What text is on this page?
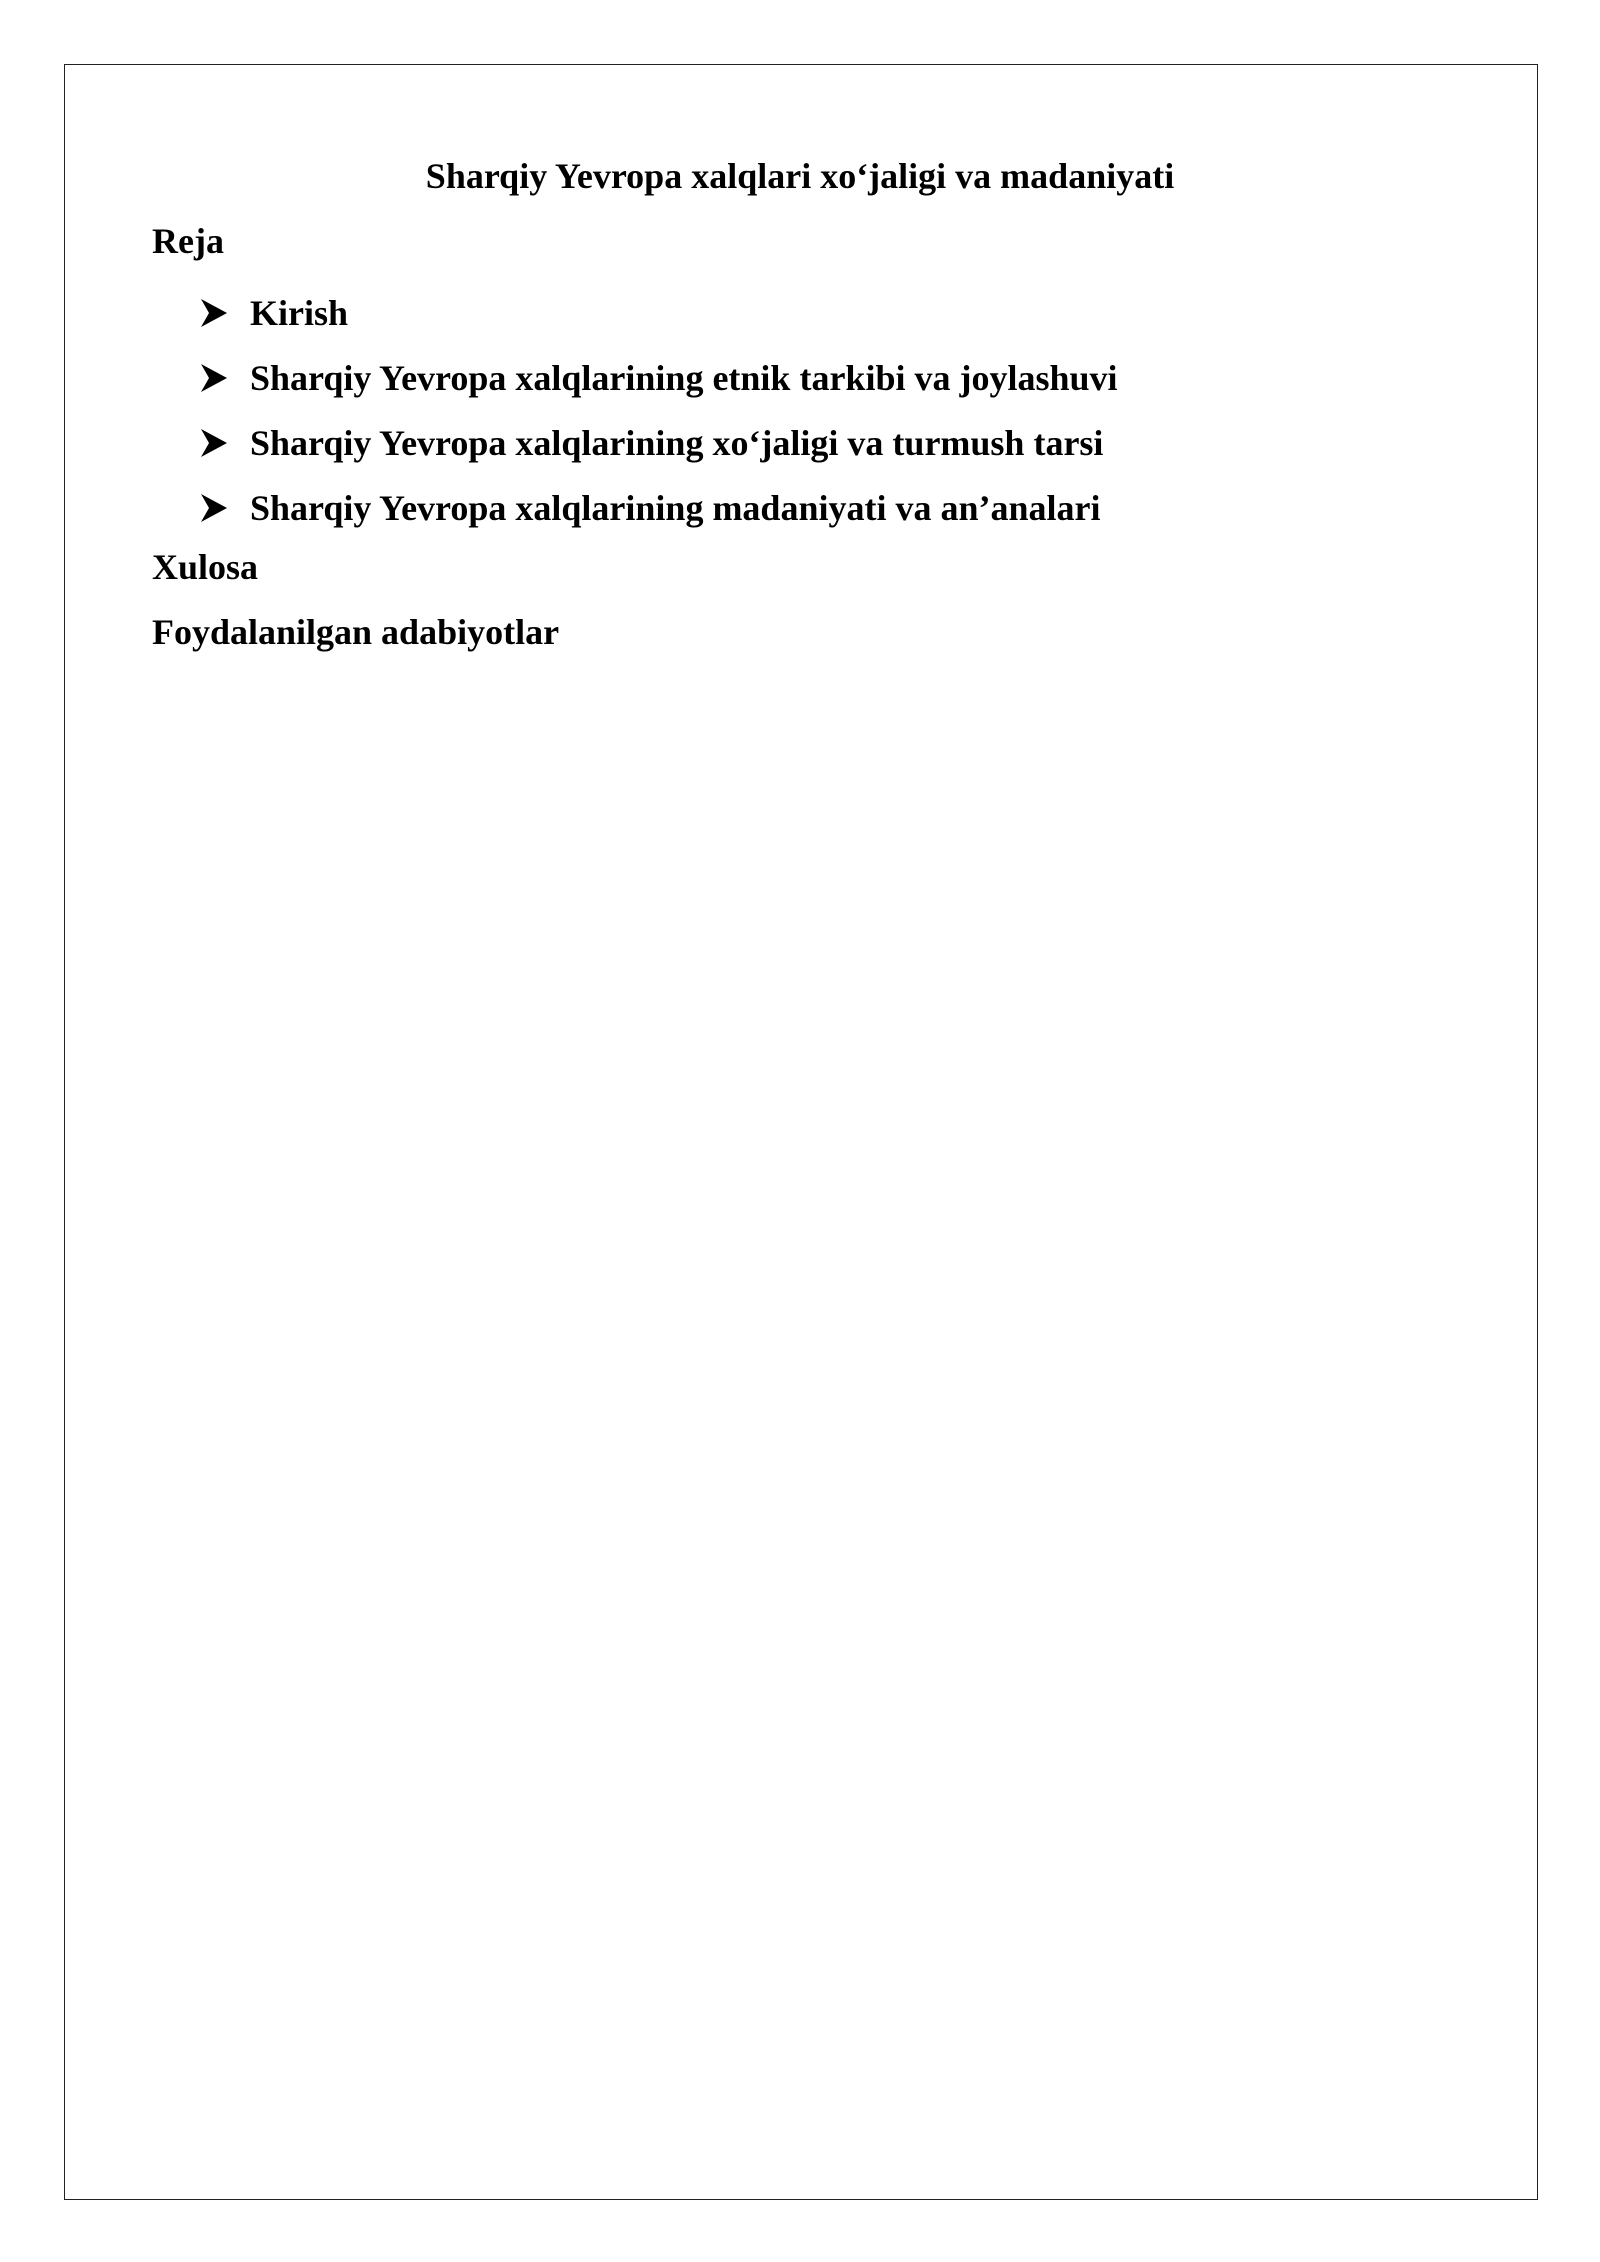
Sharqiy Yevropa xalqlari xo‘jaligi va madaniyati
Reja
Kirish
Sharqiy Yevropa xalqlarining etnik tarkibi va joylashuvi
Sharqiy Yevropa xalqlarining xo‘jaligi va turmush tarsi
Sharqiy Yevropa xalqlarining madaniyati va an’analari
Xulosa
Foydalanilgan adabiyotlar
